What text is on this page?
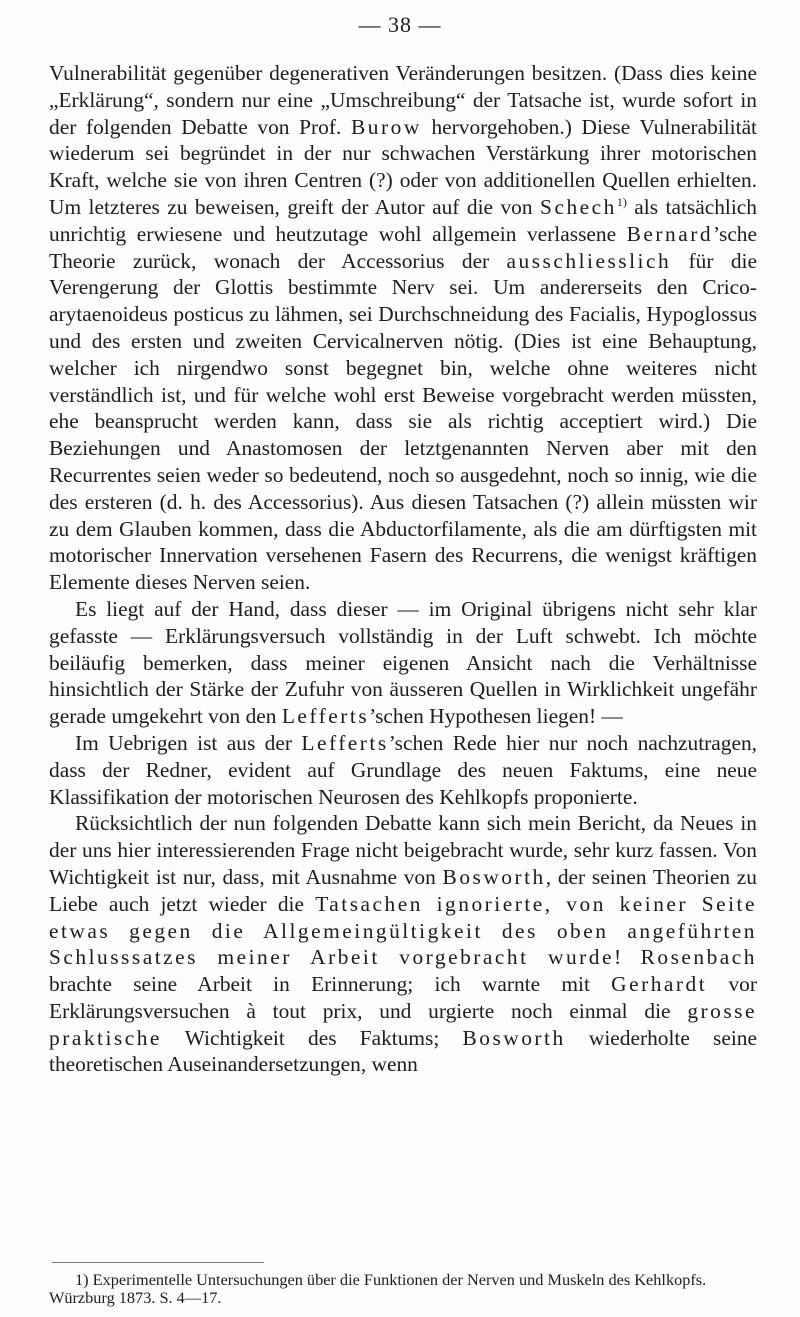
— 38 —

Vulnerabilität gegenüber degenerativen Veränderungen besitzen. (Dass dies keine „Erklärung“, sondern nur eine „Umschreibung“ der Tatsache ist, wurde sofort in der folgenden Debatte von Prof. Burow hervorgehoben.) Diese Vulnerabilität wiederum sei begründet in der nur schwachen Verstärkung ihrer motorischen Kraft, welche sie von ihren Centren (?) oder von additionellen Quellen erhielten. Um letzteres zu beweisen, greift der Autor auf die von Schech$^{1)}$ als tatsächlich unrichtig erwiesene und heutzutage wohl allgemein verlassene Bernard’sche Theorie zurück, wonach der Accessorius der ausschliesslich für die Verengerung der Glottis bestimmte Nerv sei. Um andererseits den Crico-arytaenoideus posticus zu lähmen, sei Durchschneidung des Facialis, Hypoglossus und des ersten und zweiten Cervicalnerven nötig. (Dies ist eine Behauptung, welcher ich nirgendwo sonst begegnet bin, welche ohne weiteres nicht verständlich ist, und für welche wohl erst Beweise vorgebracht werden müssten, ehe beansprucht werden kann, dass sie als richtig acceptiert wird.) Die Beziehungen und Anastomosen der letztgenannten Nerven aber mit den Recurrentes seien weder so bedeutend, noch so ausgedehnt, noch so innig, wie die des ersteren (d. h. des Accessorius). Aus diesen Tatsachen (?) allein müssten wir zu dem Glauben kommen, dass die Abductorfilamente, als die am dürftigsten mit motorischer Innervation versehenen Fasern des Recurrens, die wenigst kräftigen Elemente dieses Nerven seien.

Es liegt auf der Hand, dass dieser — im Original übrigens nicht sehr klar gefasste — Erklärungsversuch vollständig in der Luft schwebt. Ich möchte beiläufig bemerken, dass meiner eigenen Ansicht nach die Verhältnisse hinsichtlich der Stärke der Zufuhr von äusseren Quellen in Wirklichkeit ungefähr gerade umgekehrt von den Lefferts’schen Hypothesen liegen! —

Im Uebrigen ist aus der Lefferts’schen Rede hier nur noch nachzutragen, dass der Redner, evident auf Grundlage des neuen Faktums, eine neue Klassifikation der motorischen Neurosen des Kehlkopfs proponierte.

Rücksichtlich der nun folgenden Debatte kann sich mein Bericht, da Neues in der uns hier interessierenden Frage nicht beigebracht wurde, sehr kurz fassen. Von Wichtigkeit ist nur, dass, mit Ausnahme von Bosworth, der seinen Theorien zu Liebe auch jetzt wieder die Tatsachen ignorierte, von keiner Seite etwas gegen die Allgemeingültigkeit des oben angeführten Schlusssatzes meiner Arbeit vorgebracht wurde! Rosenbach brachte seine Arbeit in Erinnerung; ich warnte mit Gerhardt vor Erklärungsversuchen à tout prix, und urgierte noch einmal die grosse praktische Wichtigkeit des Faktums; Bosworth wiederholte seine theoretischen Auseinandersetzungen, wenn

1) Experimentelle Untersuchungen über die Funktionen der Nerven und Muskeln des Kehlkopfs. Würzburg 1873. S. 4—17.
